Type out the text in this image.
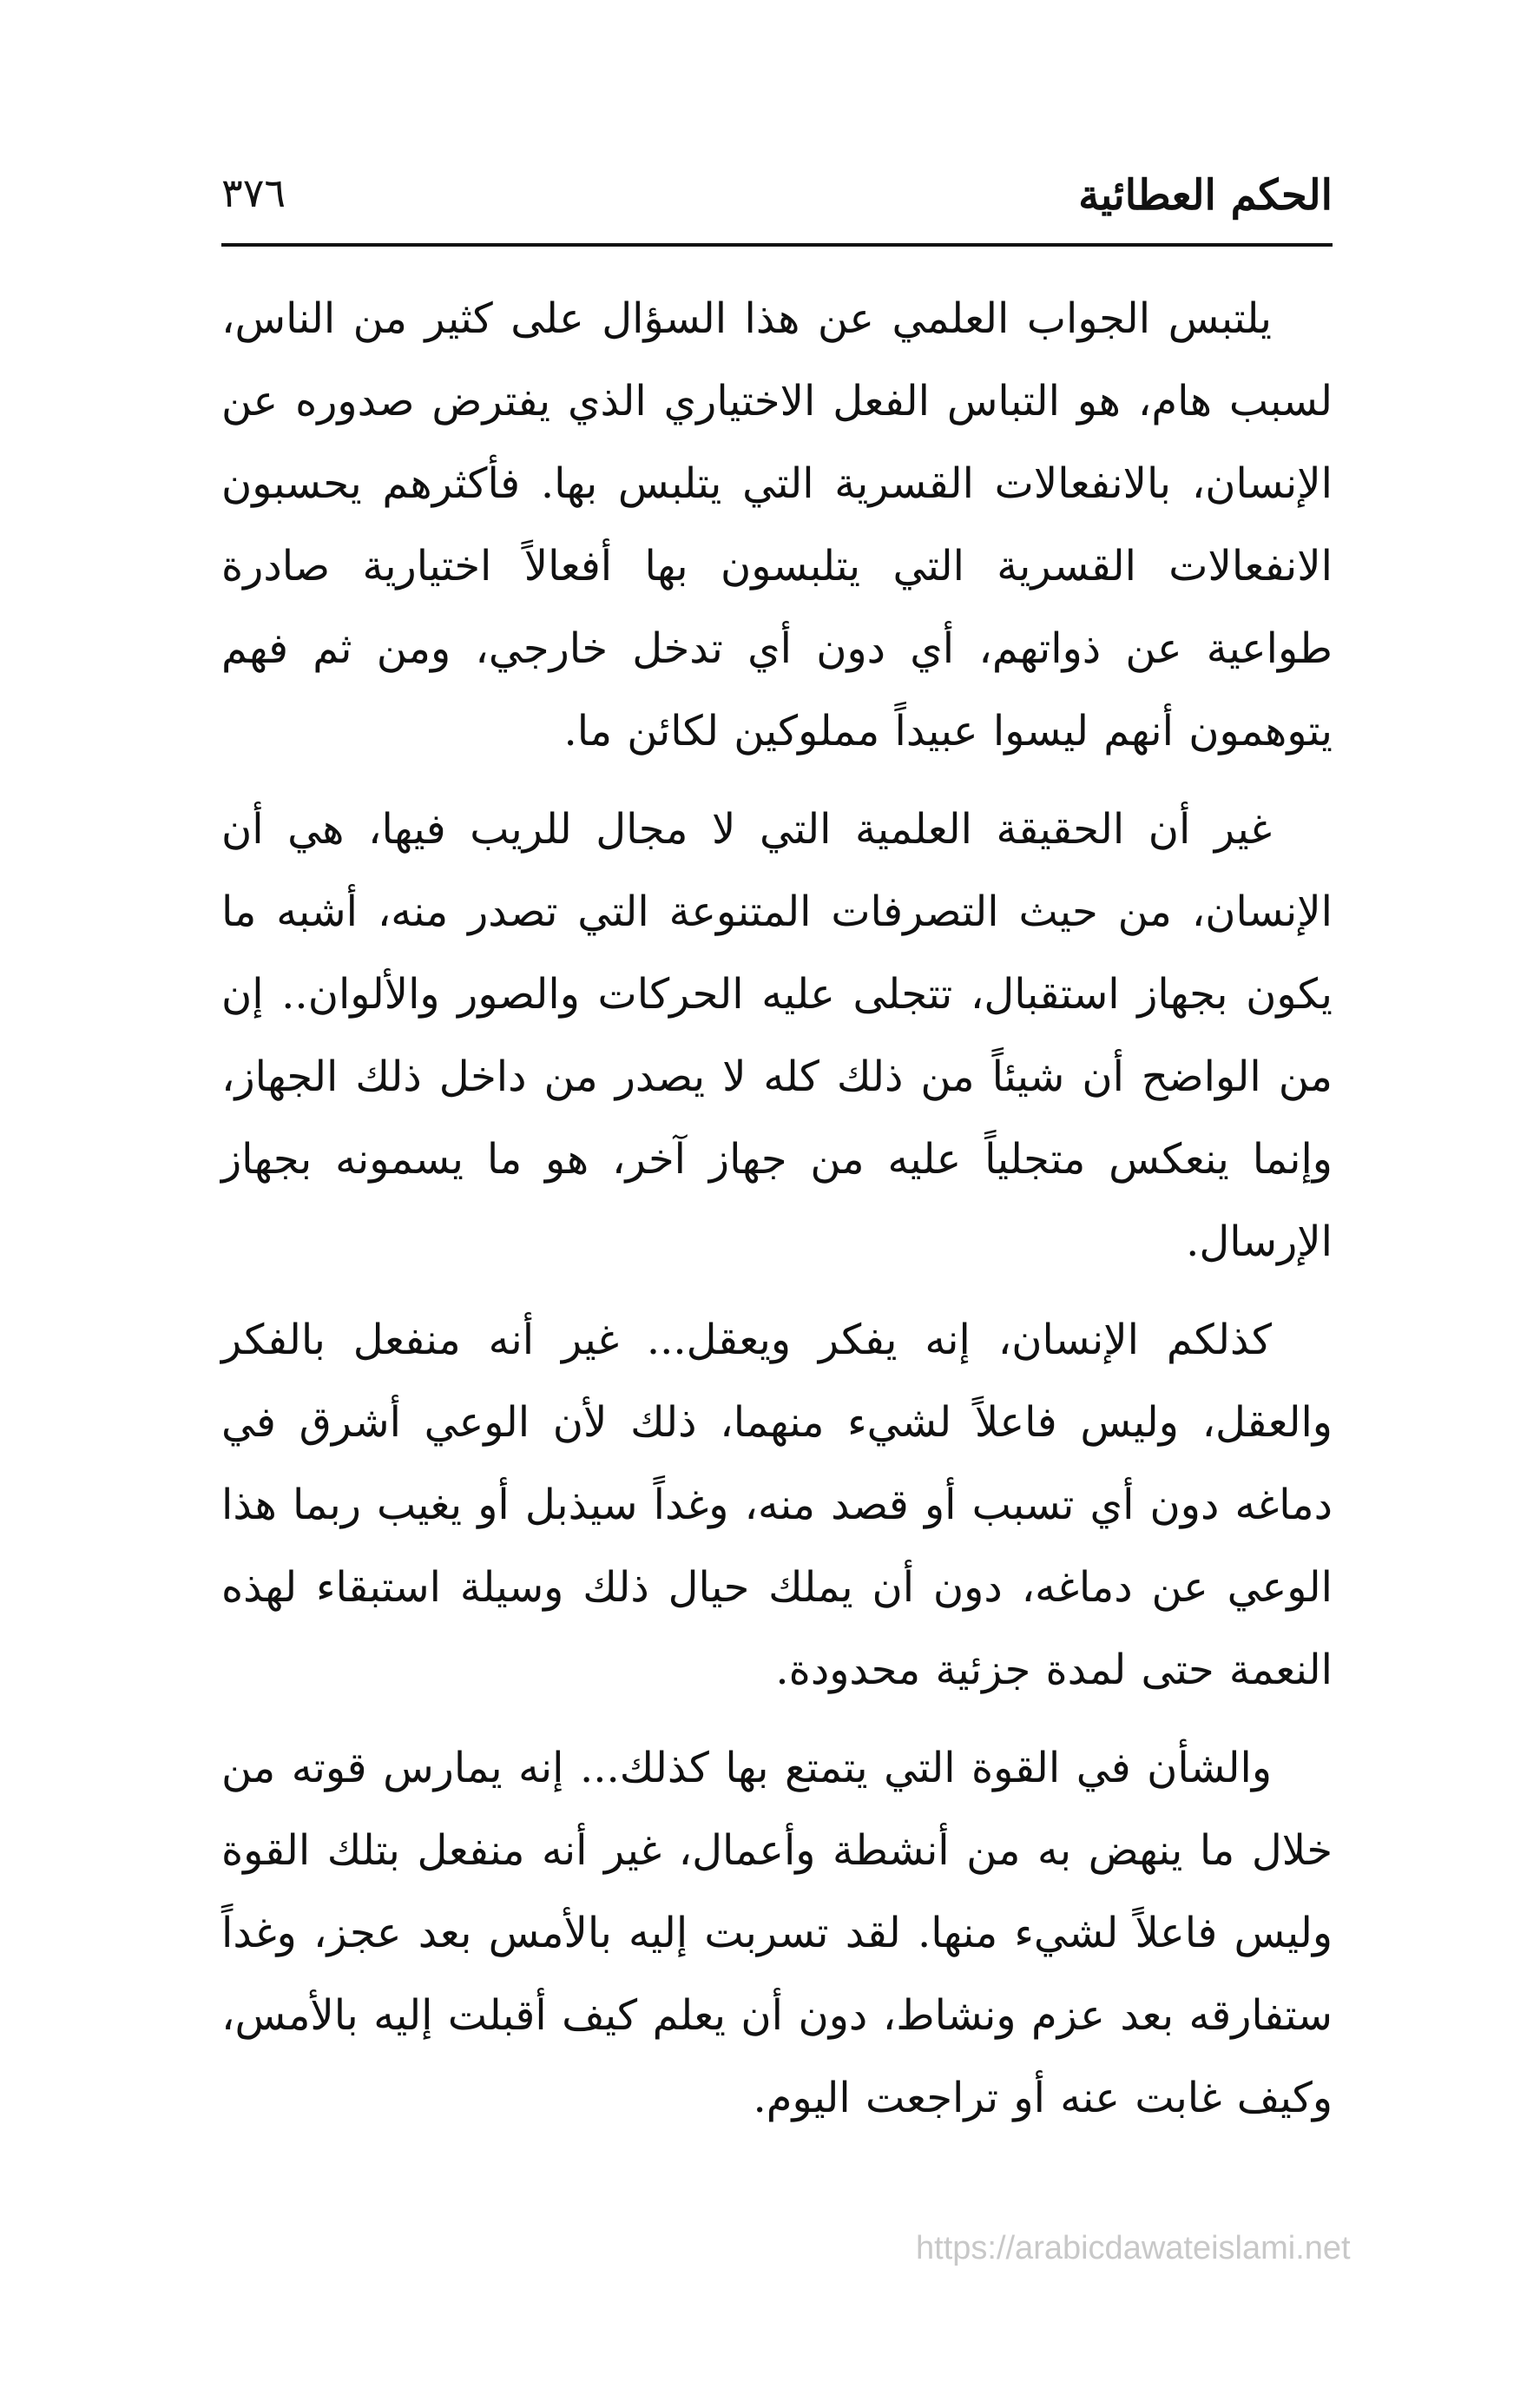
الحكم العطائية
٣٧٦

يلتبس الجواب العلمي عن هذا السؤال على كثير من الناس، لسبب هام، هو التباس الفعل الاختياري الذي يفترض صدوره عن الإنسان، بالانفعالات القسرية التي يتلبس بها. فأكثرهم يحسبون الانفعالات القسرية التي يتلبسون بها أفعالاً اختيارية صادرة طواعية عن ذواتهم، أي دون أي تدخل خارجي، ومن ثم فهم يتوهمون أنهم ليسوا عبيداً مملوكين لكائن ما.

غير أن الحقيقة العلمية التي لا مجال للريب فيها، هي أن الإنسان، من حيث التصرفات المتنوعة التي تصدر منه، أشبه ما يكون بجهاز استقبال، تتجلى عليه الحركات والصور والألوان.. إن من الواضح أن شيئاً من ذلك كله لا يصدر من داخل ذلك الجهاز، وإنما ينعكس متجلياً عليه من جهاز آخر، هو ما يسمونه بجهاز الإرسال.

كذلكم الإنسان، إنه يفكر ويعقل... غير أنه منفعل بالفكر والعقل، وليس فاعلاً لشيء منهما، ذلك لأن الوعي أشرق في دماغه دون أي تسبب أو قصد منه، وغداً سيذبل أو يغيب ربما هذا الوعي عن دماغه، دون أن يملك حيال ذلك وسيلة استبقاء لهذه النعمة حتى لمدة جزئية محدودة.

والشأن في القوة التي يتمتع بها كذلك... إنه يمارس قوته من خلال ما ينهض به من أنشطة وأعمال، غير أنه منفعل بتلك القوة وليس فاعلاً لشيء منها. لقد تسربت إليه بالأمس بعد عجز، وغداً ستفارقه بعد عزم ونشاط، دون أن يعلم كيف أقبلت إليه بالأمس، وكيف غابت عنه أو تراجعت اليوم.

https://arabicdawateislami.net
